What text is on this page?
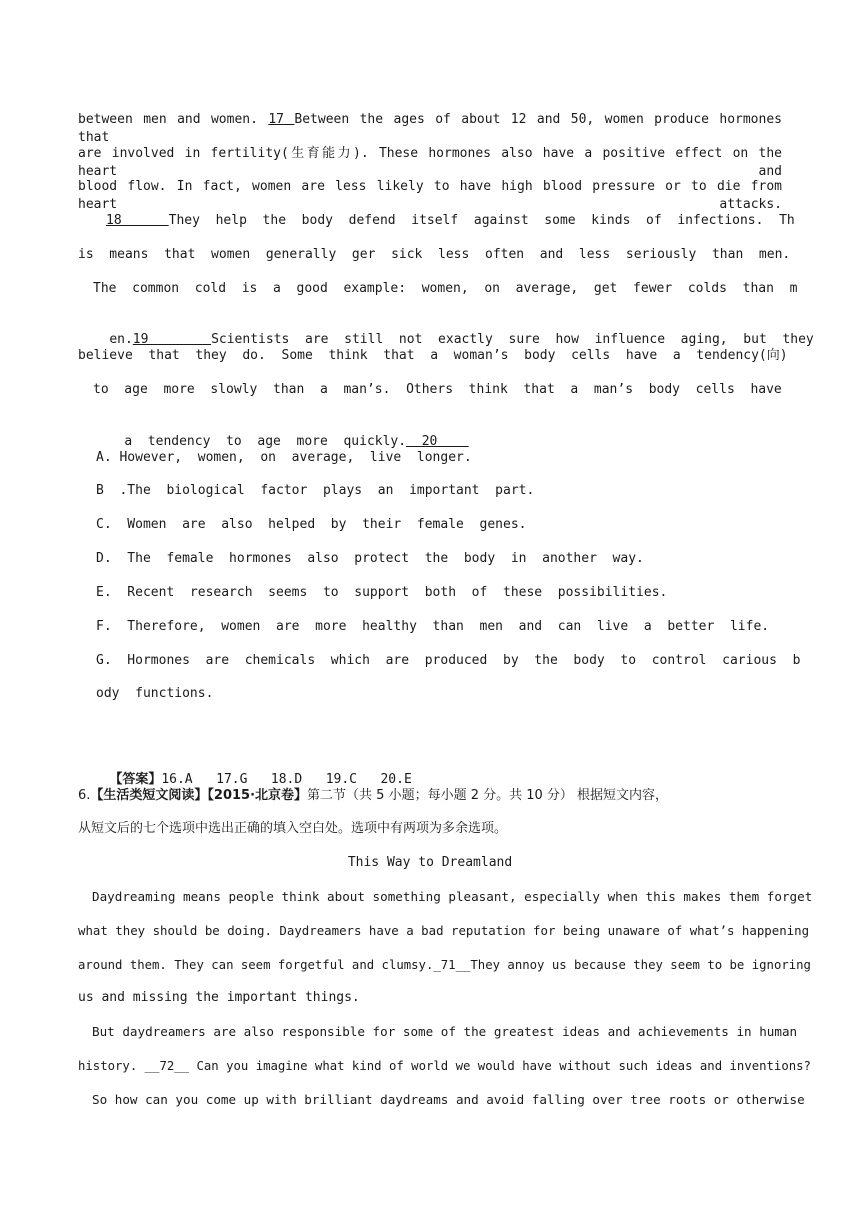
between men and women. 17 Between the ages of about 12 and 50, women produce hormones that
are involved in fertility(生育能力). These hormones also have a positive effect on the heart and
blood flow. In fact, women are less likely to have high blood pressure or to die from heart attacks.
18      They  help  the  body  defend  itself  against  some  kinds  of  infections.  Th
is  means  that  women  generally  ger  sick  less  often  and  less  seriously  than  men.
The  common  cold  is  a  good  example:  women,  on  average,  get  fewer  colds  than  m

en.19        Scientists  are  still  not  exactly  sure  how  influence  aging,  but  they

believe  that  they  do.  Some  think  that  a  woman’s  body  cells  have  a  tendency(向)
to  age  more  slowly  than  a  man’s.  Others  think  that  a  man’s  body  cells  have

a  tendency  to  age  more  quickly.  20

A. However,  women,  on  average,  live  longer.
B  .The  biological  factor  plays  an  important  part.
C.  Women  are  also  helped  by  their  female  genes.
D.  The  female  hormones  also  protect  the  body  in  another  way.
E.  Recent  research  seems  to  support  both  of  these  possibilities.
F.  Therefore,  women  are  more  healthy  than  men  and  can  live  a  better  life.
G.  Hormones  are  chemicals  which  are  produced  by  the  body  to  control  carious  b
ody  functions.

【答案】16.A   17.G   18.D   19.C   20.E

6.【生活类短文阅读】【2015·北京卷】第二节（共 5 小题；每小题 2 分。共 10 分） 根据短文内容，
从短文后的七个选项中选出正确的填入空白处。选项中有两项为多余选项。
This Way to Dreamland
Daydreaming means people think about something pleasant, especially when this makes them forget
what they should be doing. Daydreamers have a bad reputation for being unaware of what’s happening
around them. They can seem forgetful and clumsy._71__They annoy us because they seem to be ignoring
us and missing the important things.
But daydreamers are also responsible for some of the greatest ideas and achievements in human
history. __72__ Can you imagine what kind of world we would have without such ideas and inventions?
So how can you come up with brilliant daydreams and avoid falling over tree roots or otherwise
